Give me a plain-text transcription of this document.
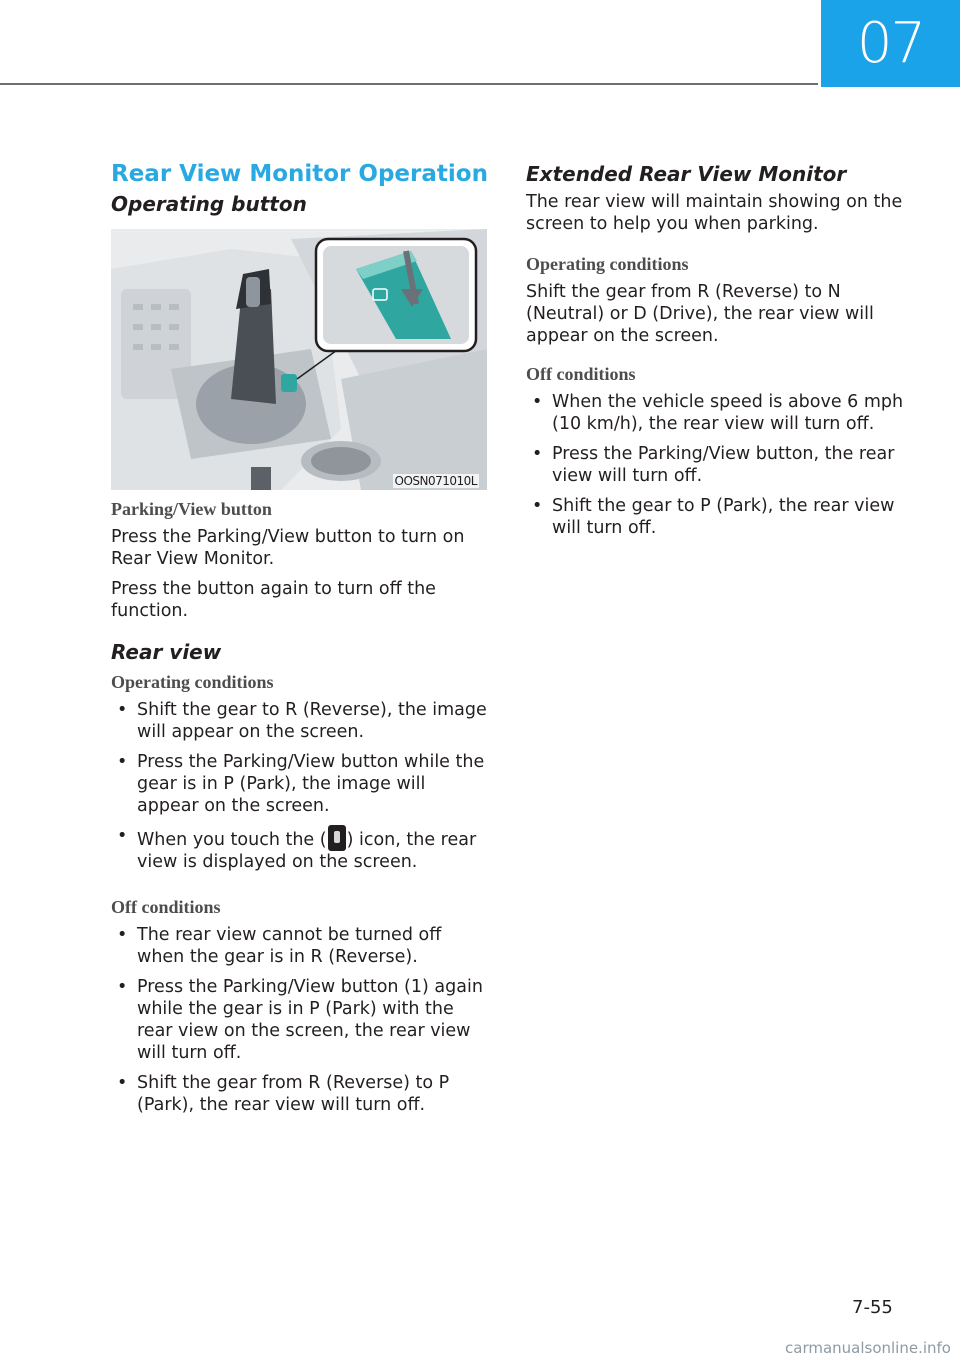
07
Rear View Monitor Operation
Operating button
OOSN071010L
Parking/View button

Press the Parking/View button to turn on Rear View Monitor.

Press the button again to turn off the function.

Rear view
Operating conditions
• Shift the gear to R (Reverse), the image will appear on the screen.
• Press the Parking/View button while the gear is in P (Park), the image will appear on the screen.
• When you touch the ( ) icon, the rear view is displayed on the screen.
Off conditions
• The rear view cannot be turned off when the gear is in R (Reverse).
• Press the Parking/View button (1) again while the gear is in P (Park) with the rear view on the screen, the rear view will turn off.
• Shift the gear from R (Reverse) to P (Park), the rear view will turn off.
Extended Rear View Monitor

The rear view will maintain showing on the screen to help you when parking.

Operating conditions

Shift the gear from R (Reverse) to N (Neutral) or D (Drive), the rear view will appear on the screen.

Off conditions
• When the vehicle speed is above 6 mph (10 km/h), the rear view will turn off.
• Press the Parking/View button, the rear view will turn off.
• Shift the gear to P (Park), the rear view will turn off.
7-55
carmanualsonline.info
